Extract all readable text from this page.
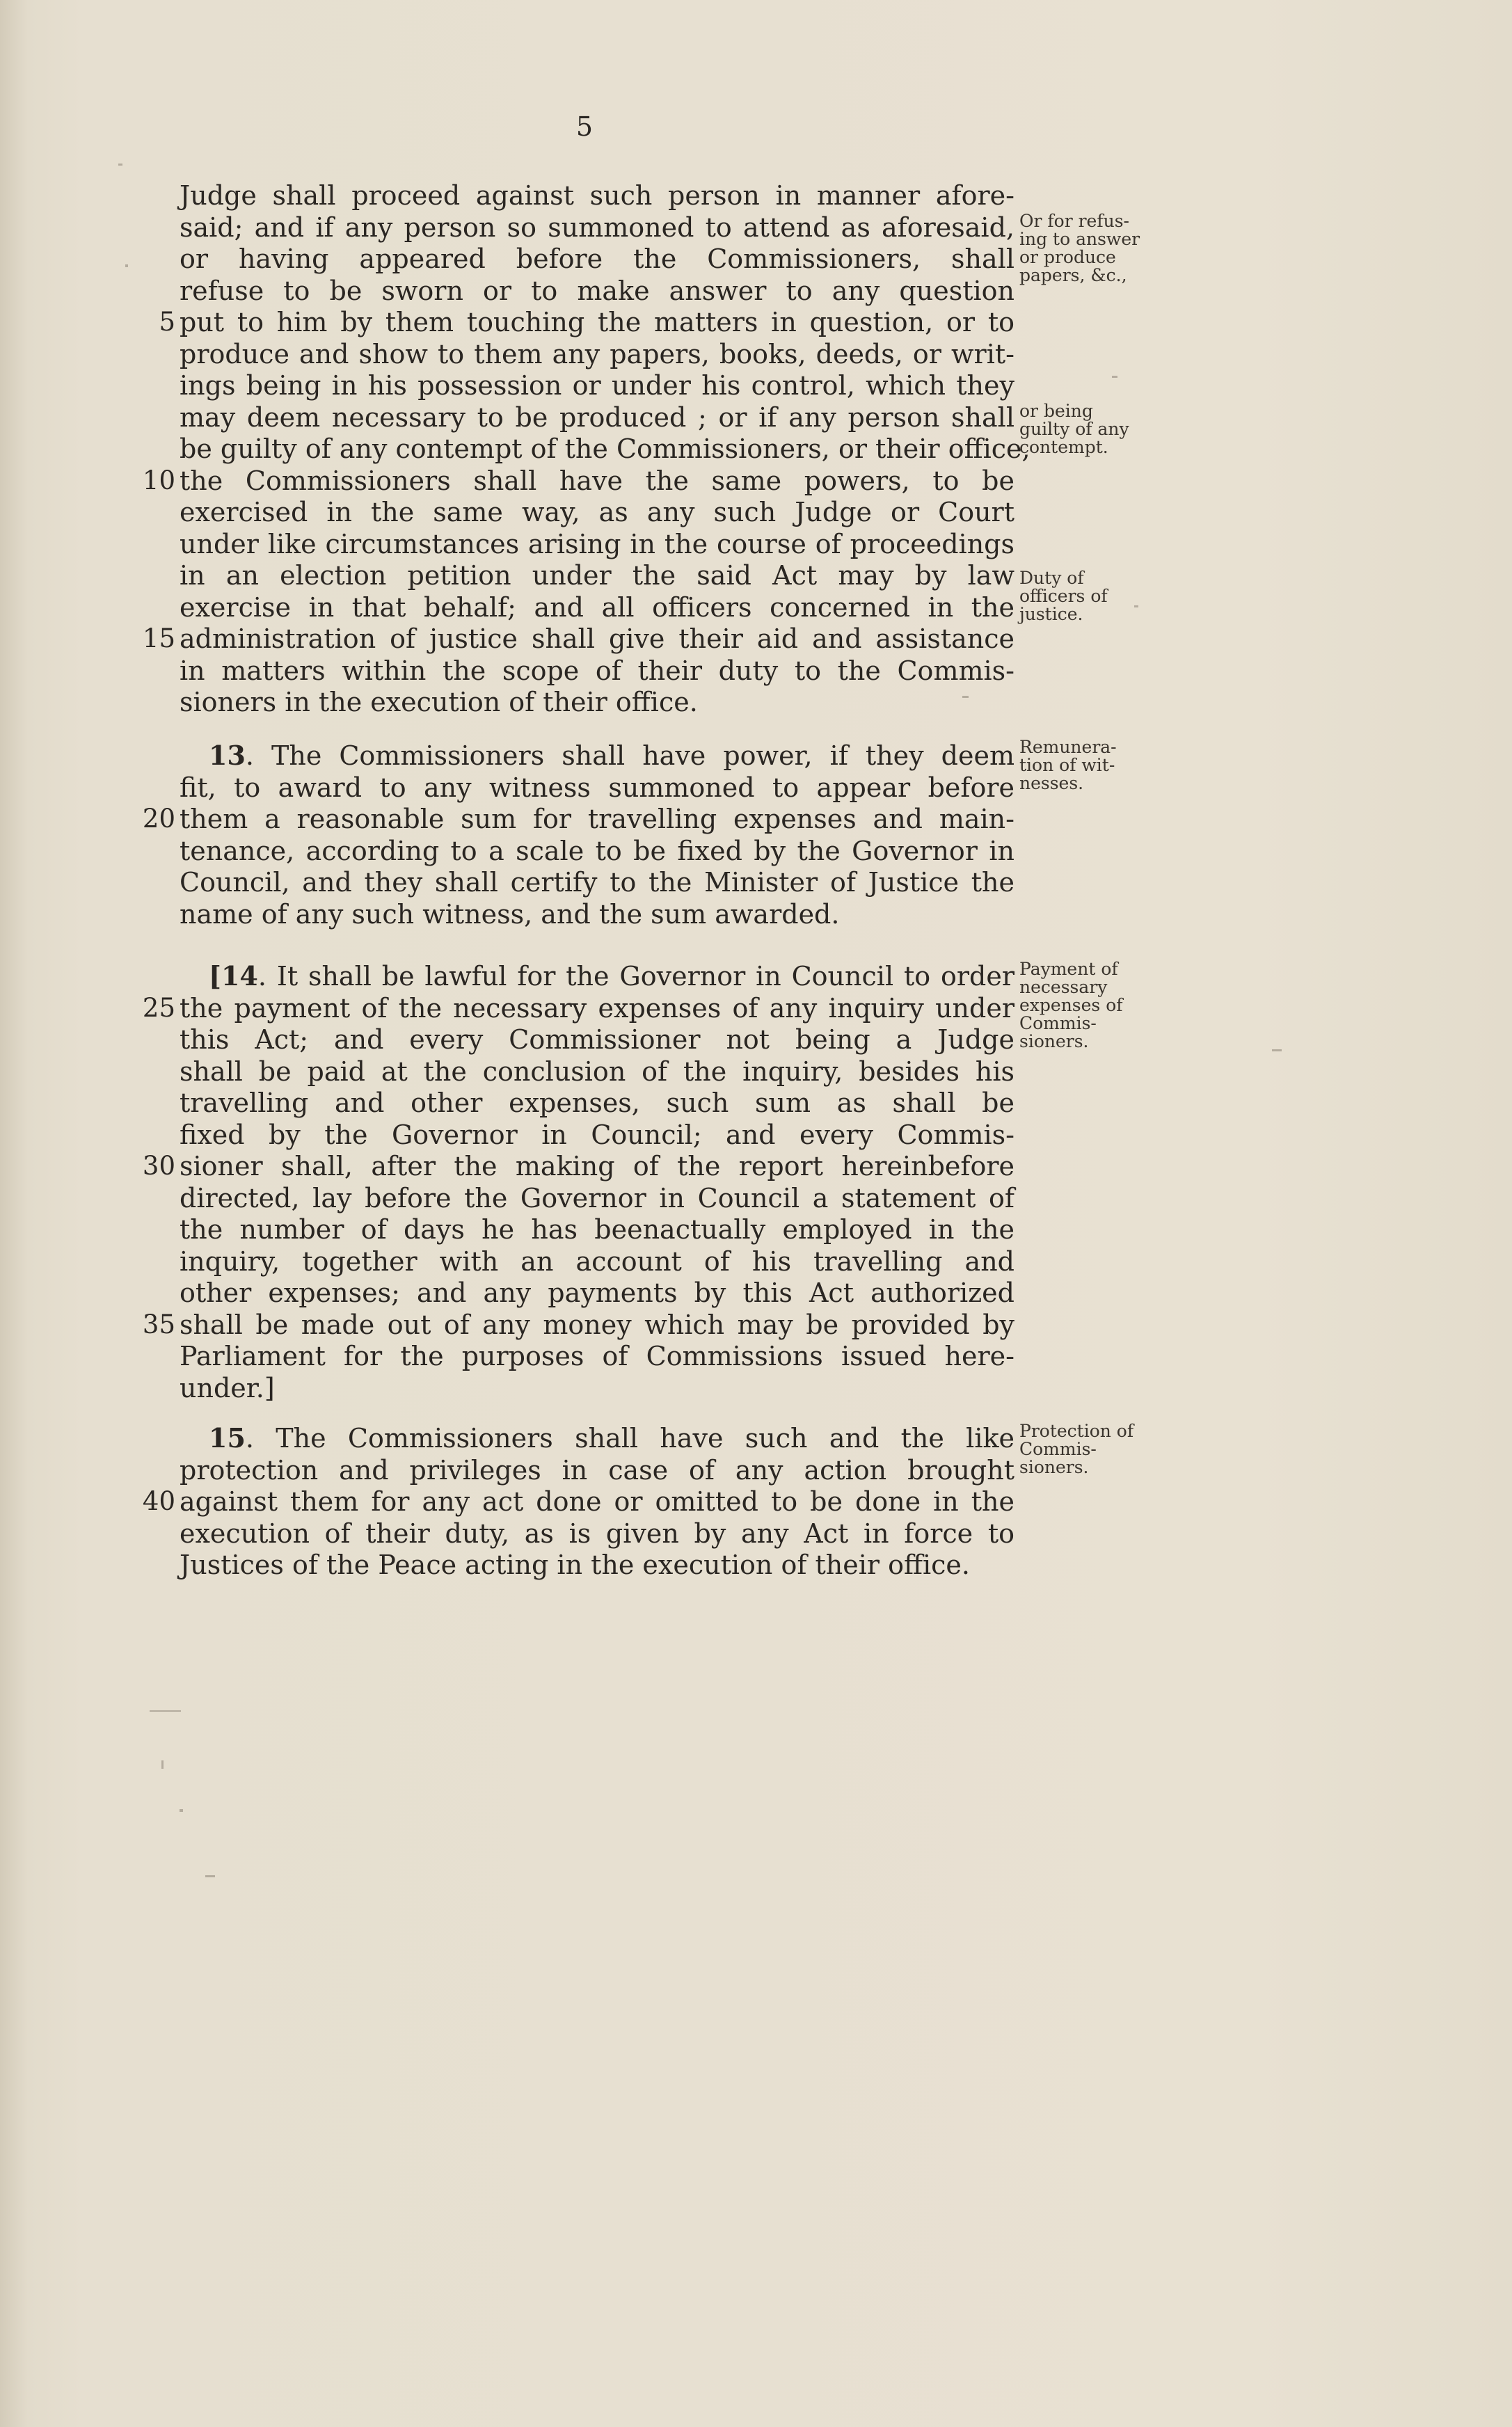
5
Judge shall proceed against such person in manner afore-
said; and if any person so summoned to attend as aforesaid,
or having appeared before the Commissioners, shall
refuse to be sworn or to make answer to any question
5 put to him by them touching the matters in question, or to
produce and show to them any papers, books, deeds, or writ-
ings being in his possession or under his control, which they
may deem necessary to be produced ; or if any person shall
be guilty of any contempt of the Commissioners, or their office,
10 the Commissioners shall have the same powers, to be
exercised in the same way, as any such Judge or Court
under like circumstances arising in the course of proceedings
in an election petition under the said Act may by law
exercise in that behalf; and all officers concerned in the
15 administration of justice shall give their aid and assistance
in matters within the scope of their duty to the Commis-
sioners in the execution of their office.
13. The Commissioners shall have power, if they deem
fit, to award to any witness summoned to appear before
20 them a reasonable sum for travelling expenses and main-
tenance, according to a scale to be fixed by the Governor in
Council, and they shall certify to the Minister of Justice the
name of any such witness, and the sum awarded.
[14. It shall be lawful for the Governor in Council to order
25 the payment of the necessary expenses of any inquiry under
this Act; and every Commissioner not being a Judge
shall be paid at the conclusion of the inquiry, besides his
travelling and other expenses, such sum as shall be
fixed by the Governor in Council; and every Commis-
30 sioner shall, after the making of the report hereinbefore
directed, lay before the Governor in Council a statement of
the number of days he has beenactually employed in the
inquiry, together with an account of his travelling and
other expenses; and any payments by this Act authorized
35 shall be made out of any money which may be provided by
Parliament for the purposes of Commissions issued here-
under.]
15. The Commissioners shall have such and the like
protection and privileges in case of any action brought
40 against them for any act done or omitted to be done in the
execution of their duty, as is given by any Act in force to
Justices of the Peace acting in the execution of their office.
Or for refus-
ing to answer
or produce
papers, &c.,
or being
guilty of any
contempt.
Duty of
officers of
justice.
Remunera-
tion of wit-
nesses.
Payment of
necessary
expenses of
Commis-
sioners.
Protection of
Commis-
sioners.
